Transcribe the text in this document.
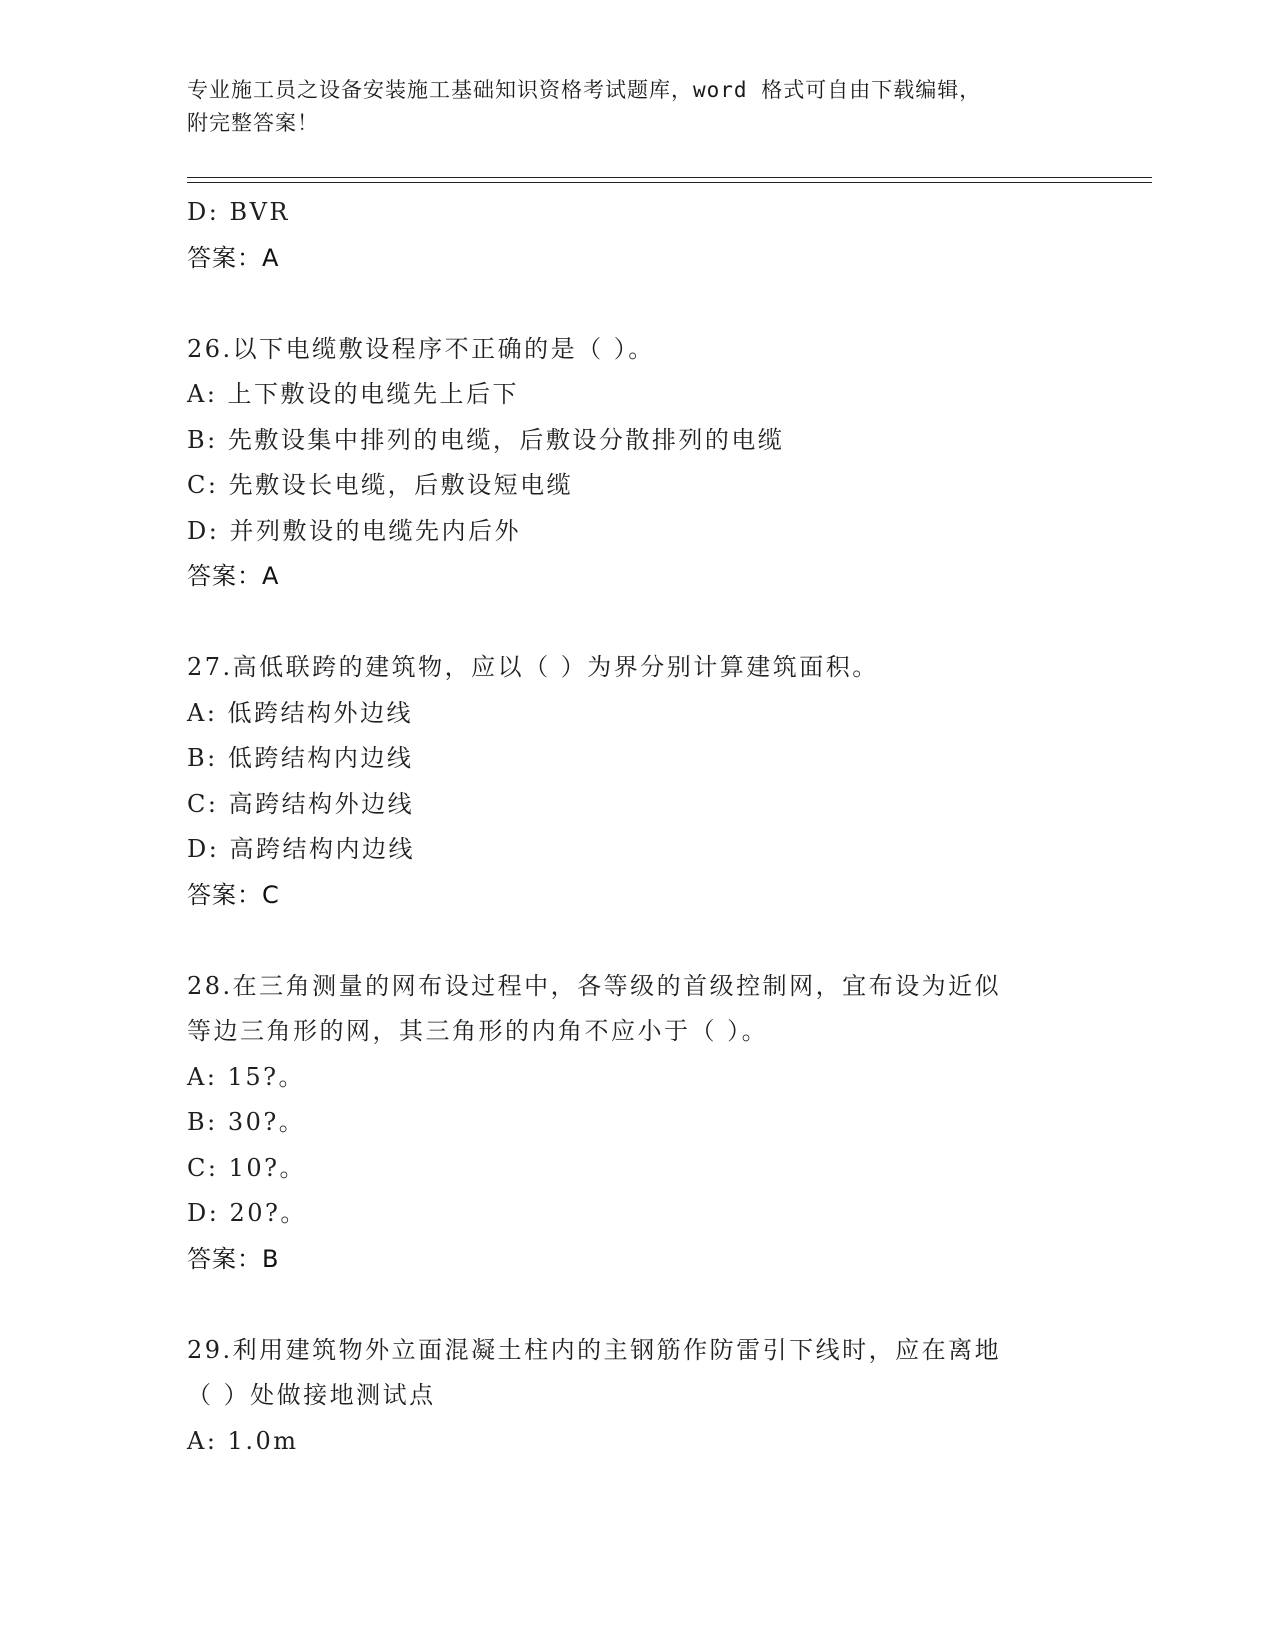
专业施工员之设备安装施工基础知识资格考试题库，word 格式可自由下载编辑，
附完整答案！
D: BVR
答案：A
26.以下电缆敷设程序不正确的是（ ）。
A: 上下敷设的电缆先上后下
B: 先敷设集中排列的电缆，后敷设分散排列的电缆
C: 先敷设长电缆，后敷设短电缆
D: 并列敷设的电缆先内后外
答案：A
27.高低联跨的建筑物，应以（ ）为界分别计算建筑面积。
A: 低跨结构外边线
B: 低跨结构内边线
C: 高跨结构外边线
D: 高跨结构内边线
答案：C
28.在三角测量的网布设过程中，各等级的首级控制网，宜布设为近似
等边三角形的网，其三角形的内角不应小于（ ）。
A: 15?。
B: 30?。
C: 10?。
D: 20?。
答案：B
29.利用建筑物外立面混凝土柱内的主钢筋作防雷引下线时，应在离地
（ ）处做接地测试点
A: 1.0m
